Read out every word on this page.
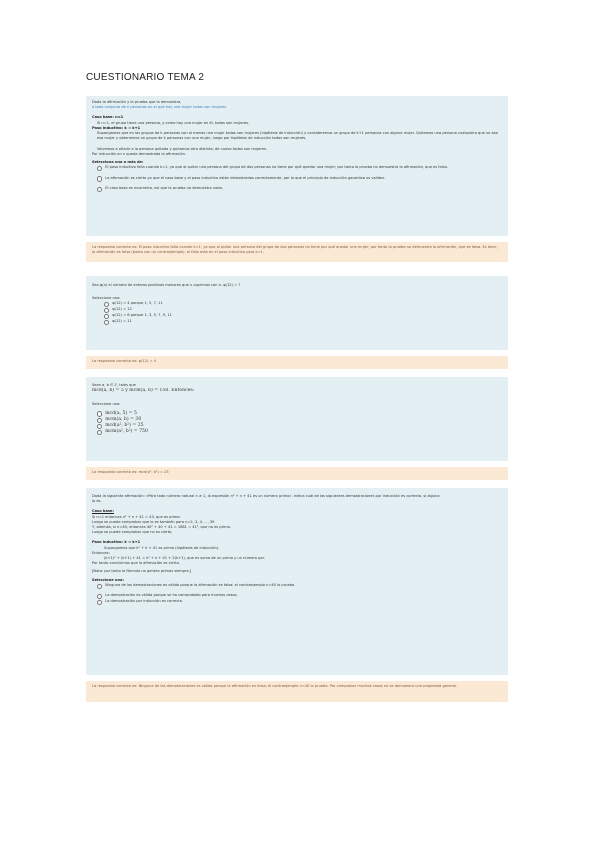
CUESTIONARIO TEMA 2
Dada la afirmación y la prueba que la demuestra,
a todo conjunto de n personas en el que hay una mujer todas son mujeres
Caso base: n=1
Si n=1, el grupo tiene una persona, y como hay una mujer en él, todas son mujeres.
Paso inductivo: k ⇒ k+1
Supongamos que en los grupos de k personas con al menos una mujer todas son mujeres (hipótesis de inducción) y consideremos un grupo de k+1 personas con alguna mujer. Quitamos una persona cualquiera que no sea esa mujer y obtenemos un grupo de k personas con una mujer, luego por hipótesis de inducción todas son mujeres.
Volvemos a añadir a la persona quitada y quitamos otra distinta; de nuevo todas son mujeres.
Por inducción en n queda demostrada la afirmación.
Selecciona una o más de:
El paso inductivo falla cuando k=1, ya que al quitar una persona del grupo de dos personas no tiene por qué quedar una mujer; por tanto la prueba no demuestra la afirmación, que es falsa.
La afirmación es cierta ya que el caso base y el paso inductivo están demostrados correctamente, por lo que el principio de inducción garantiza su validez.
El caso base es incorrecto, así que la prueba no demuestra nada.
La respuesta correcta es: El paso inductivo falla cuando k=1, ya que al quitar una persona del grupo de dos personas no tiene por qué quedar una mujer; por tanto la prueba no demuestra la afirmación, que es falsa. Es decir, la afirmación es falsa (basta con un contraejemplo), el fallo está en el paso inductivo para k=1.
Sea φ(n) el número de enteros positivos menores que n coprimos con n. φ(12) = ?
Seleccione una:
φ(12) = 4 porque 1, 5, 7, 11
φ(12) = 12
φ(12) = 6 porque 1, 3, 5, 7, 9, 11
φ(12) = 11
La respuesta correcta es: φ(12) = 4
Sean a, b ∈ ℤ, tales que
mcd(a, b) = 5 y mcm(a, b) = 150. Entonces:
Seleccione una:
mcd(a, 5) = 5
mcm(a, b) = 30
mcd(a², b²) = 25
mcm(a², b²) = 750
La respuesta correcta es: mcd(a², b²) = 25
Dada la siguiente afirmación: «Para todo número natural n ≥ 1, la expresión n² + n + 41 es un número primo». Indica cuál de las siguientes demostraciones por inducción es correcta, si alguna
lo es.
Caso base:
Si n=1 entonces n² + n + 41 = 43, que es primo.
Luego se puede comprobar que lo es también para n=2, 3, 4, ..., 39
Y, además, si n=40, entonces 40² + 40 + 41 = 1681 = 41², que no es primo.
Luego se puede comprobar que no es cierto.
Paso inductivo: k ⇒ k+1
Supongamos que k² + k + 41 es primo (hipótesis de inducción).
Entonces:
(k+1)² + (k+1) + 41 = k² + k + 41 + 2(k+1), que es suma de un primo y un número par.
Por tanto concluimos que la afirmación es cierta.
[Nota: por tanto la fórmula no genera primos siempre.]
Seleccione una:
Ninguna de las demostraciones es válida porque la afirmación es falsa; el contraejemplo n=40 lo prueba.
La demostración es válida porque se ha comprobado para muchos casos.
La demostración por inducción es correcta.
La respuesta correcta es: Ninguna de las demostraciones es válida porque la afirmación es falsa; el contraejemplo n=40 lo prueba. Por comprobar muchos casos no se demuestra una propiedad general.
